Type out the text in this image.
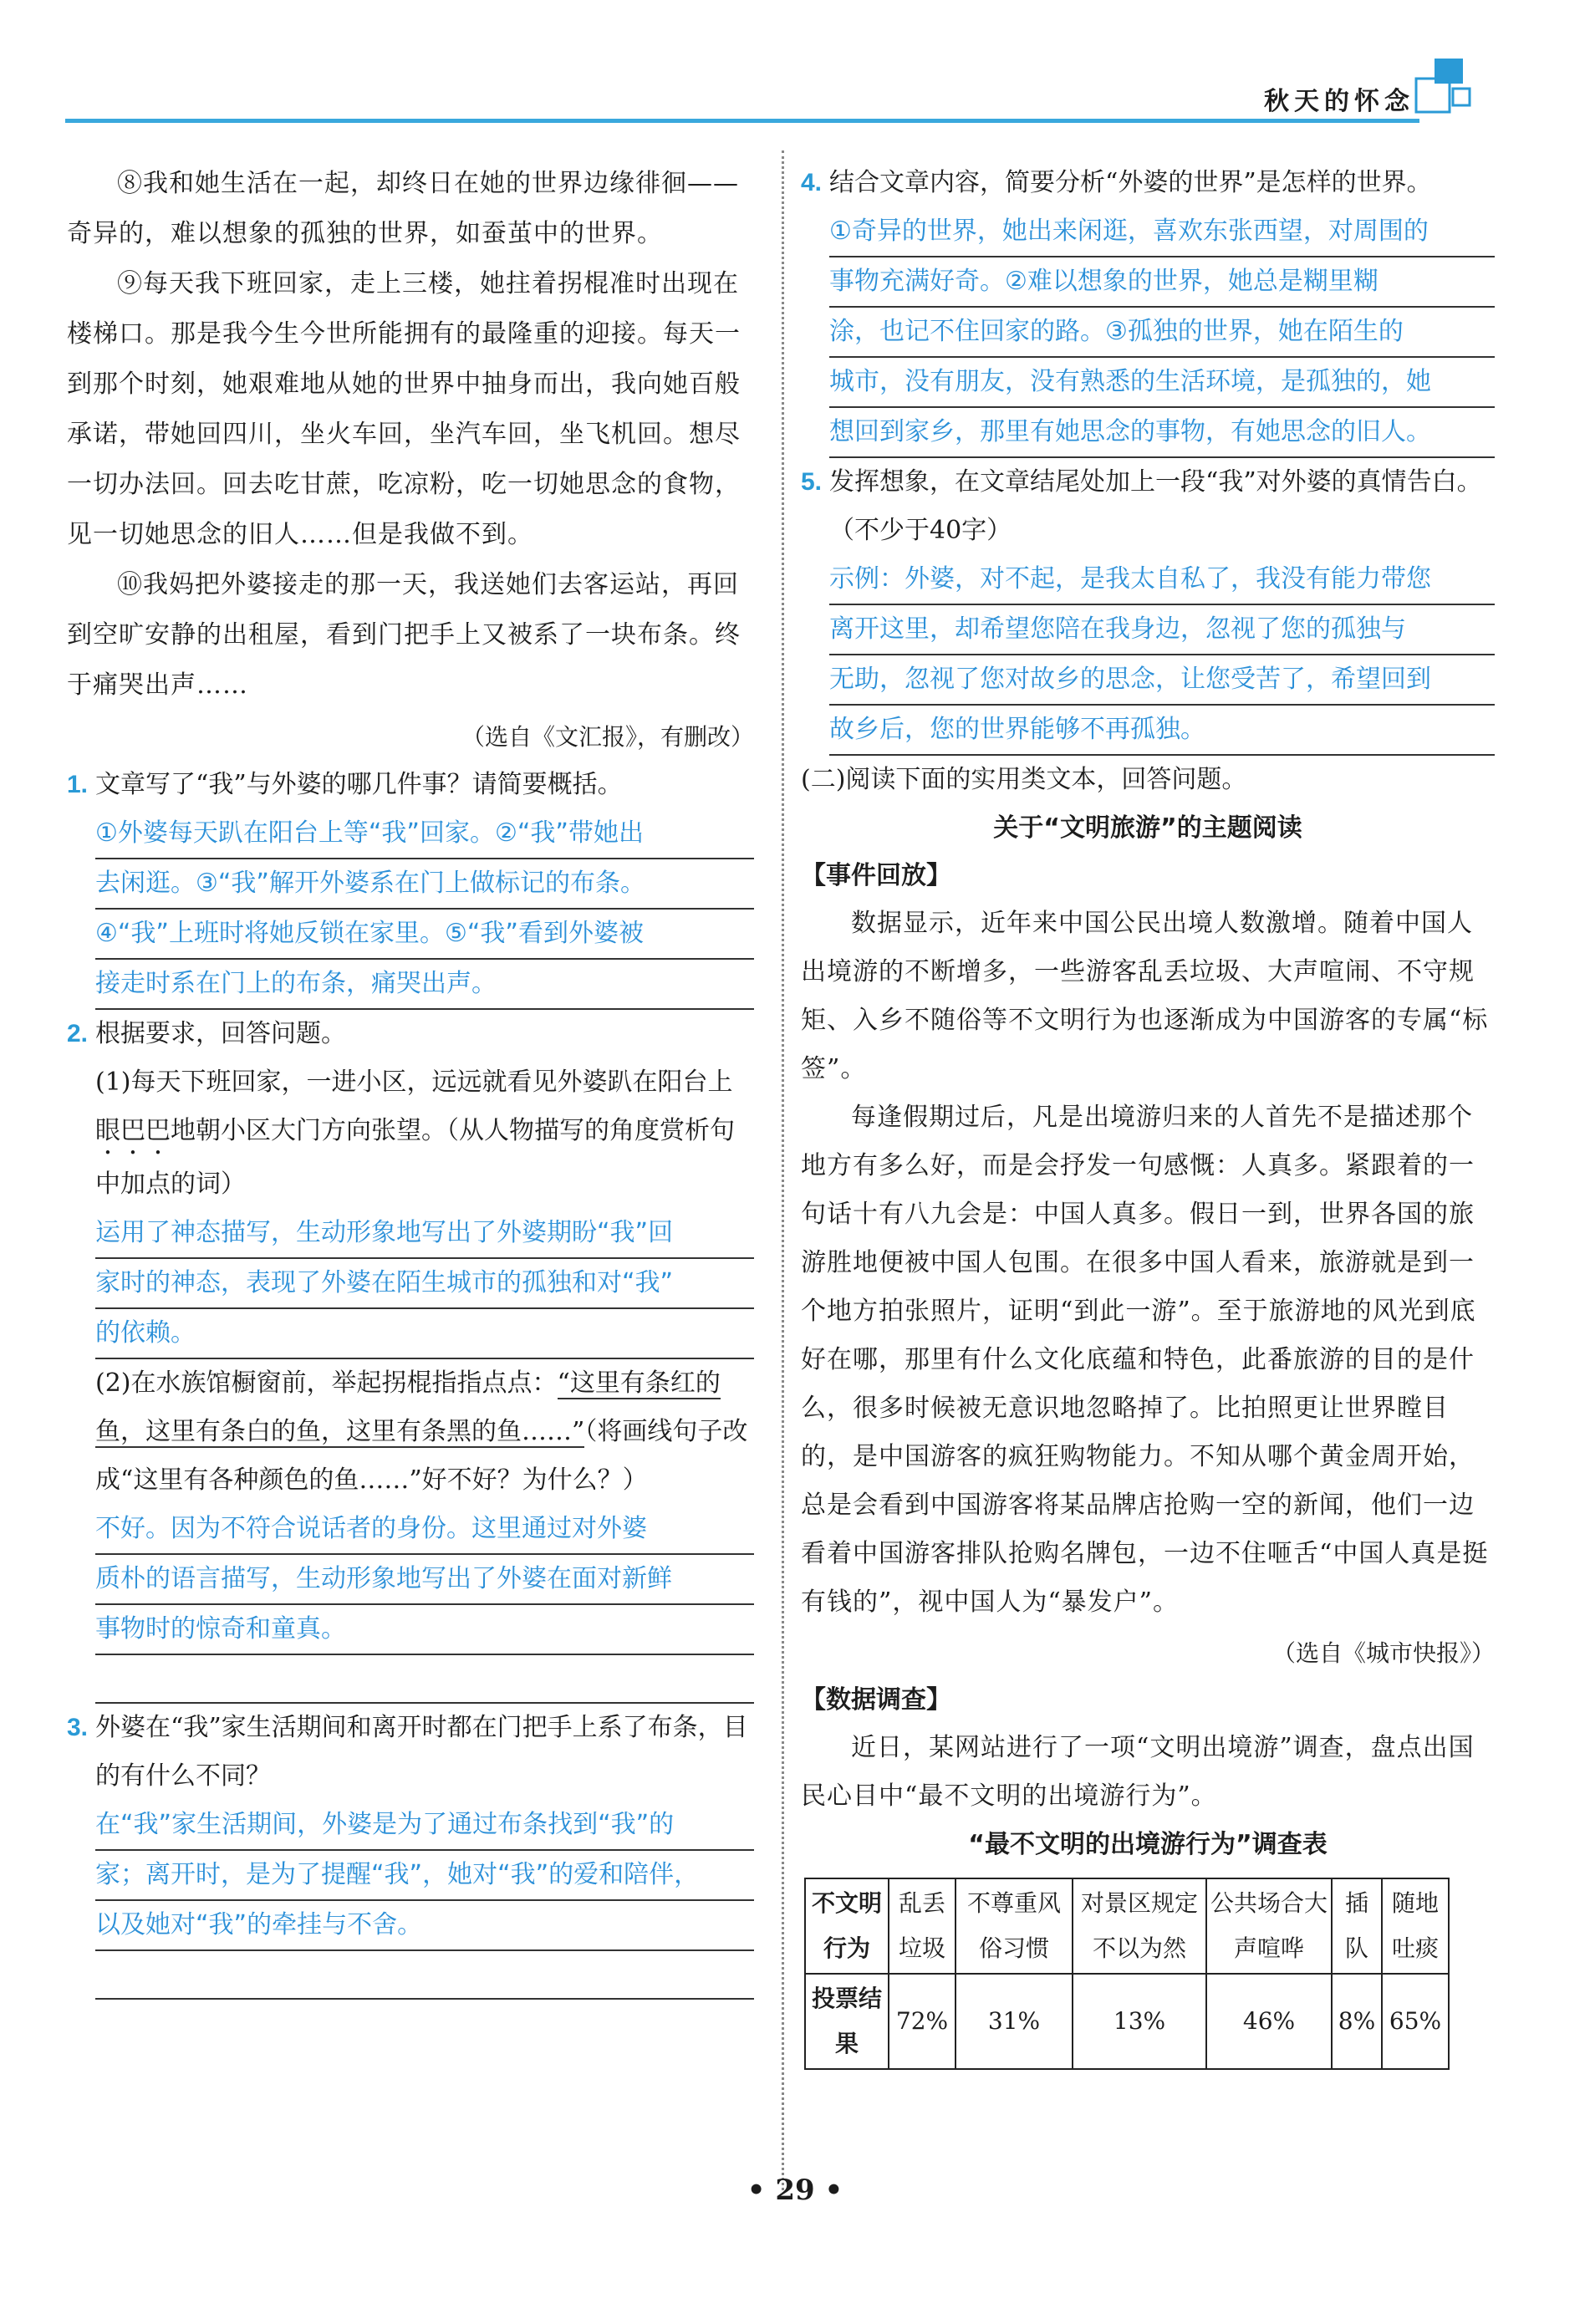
秋天的怀念

⑧我和她生活在一起，却终日在她的世界边缘徘徊——奇异的，难以想象的孤独的世界，如蚕茧中的世界。

⑨每天我下班回家，走上三楼，她拄着拐棍准时出现在楼梯口。那是我今生今世所能拥有的最隆重的迎接。每天一到那个时刻，她艰难地从她的世界中抽身而出，我向她百般承诺，带她回四川，坐火车回，坐汽车回，坐飞机回。想尽一切办法回。回去吃甘蔗，吃凉粉，吃一切她思念的食物，见一切她思念的旧人……但是我做不到。

⑩我妈把外婆接走的那一天，我送她们去客运站，再回到空旷安静的出租屋，看到门把手上又被系了一块布条。终于痛哭出声……

（选自《文汇报》，有删改）

1. 文章写了“我”与外婆的哪几件事？请简要概括。
①外婆每天趴在阳台上等“我”回家。②“我”带她出
去闲逛。③“我”解开外婆系在门上做标记的布条。
④“我”上班时将她反锁在家里。⑤“我”看到外婆被
接走时系在门上的布条，痛哭出声。
2. 根据要求，回答问题。
(1)每天下班回家，一进小区，远远就看见外婆趴在阳台上眼巴巴地朝小区大门方向张望。（从人物描写的角度赏析句中加点的词）
运用了神态描写，生动形象地写出了外婆期盼“我”回
家时的神态，表现了外婆在陌生城市的孤独和对“我”
的依赖。
(2)在水族馆橱窗前，举起拐棍指指点点：“这里有条红的鱼，这里有条白的鱼，这里有条黑的鱼……”（将画线句子改成“这里有各种颜色的鱼……”好不好？为什么？）
不好。因为不符合说话者的身份。这里通过对外婆
质朴的语言描写，生动形象地写出了外婆在面对新鲜
事物时的惊奇和童真。
3. 外婆在“我”家生活期间和离开时都在门把手上系了布条，目的有什么不同？
在“我”家生活期间，外婆是为了通过布条找到“我”的
家；离开时，是为了提醒“我”，她对“我”的爱和陪伴，
以及她对“我”的牵挂与不舍。
4. 结合文章内容，简要分析“外婆的世界”是怎样的世界。
①奇异的世界，她出来闲逛，喜欢东张西望，对周围的
事物充满好奇。②难以想象的世界，她总是糊里糊
涂，也记不住回家的路。③孤独的世界，她在陌生的
城市，没有朋友，没有熟悉的生活环境，是孤独的，她
想回到家乡，那里有她思念的事物，有她思念的旧人。
5. 发挥想象，在文章结尾处加上一段“我”对外婆的真情告白。（不少于40字）
示例：外婆，对不起，是我太自私了，我没有能力带您
离开这里，却希望您陪在我身边，忽视了您的孤独与
无助，忽视了您对故乡的思念，让您受苦了，希望回到
故乡后，您的世界能够不再孤独。

(二)阅读下面的实用类文本，回答问题。

关于“文明旅游”的主题阅读

【事件回放】

数据显示，近年来中国公民出境人数激增。随着中国人出境游的不断增多，一些游客乱丢垃圾、大声喧闹、不守规矩、入乡不随俗等不文明行为也逐渐成为中国游客的专属“标签”。

每逢假期过后，凡是出境游归来的人首先不是描述那个地方有多么好，而是会抒发一句感慨：人真多。紧跟着的一句话十有八九会是：中国人真多。假日一到，世界各国的旅游胜地便被中国人包围。在很多中国人看来，旅游就是到一个地方拍张照片，证明“到此一游”。至于旅游地的风光到底好在哪，那里有什么文化底蕴和特色，此番旅游的目的是什么，很多时候被无意识地忽略掉了。比拍照更让世界瞠目的，是中国游客的疯狂购物能力。不知从哪个黄金周开始，总是会看到中国游客将某品牌店抢购一空的新闻，他们一边看着中国游客排队抢购名牌包，一边不住咂舌“中国人真是挺有钱的”，视中国人为“暴发户”。

（选自《城市快报》）

【数据调查】

近日，某网站进行了一项“文明出境游”调查，盘点出国民心目中“最不文明的出境游行为”。

“最不文明的出境游行为”调查表

不文明行为	乱丢垃圾	不尊重风俗习惯	对景区规定不以为然	公共场合大声喧哗	插队	随地吐痰
投票结果	72%	31%	13%	46%	8%	65%
• 29 •
